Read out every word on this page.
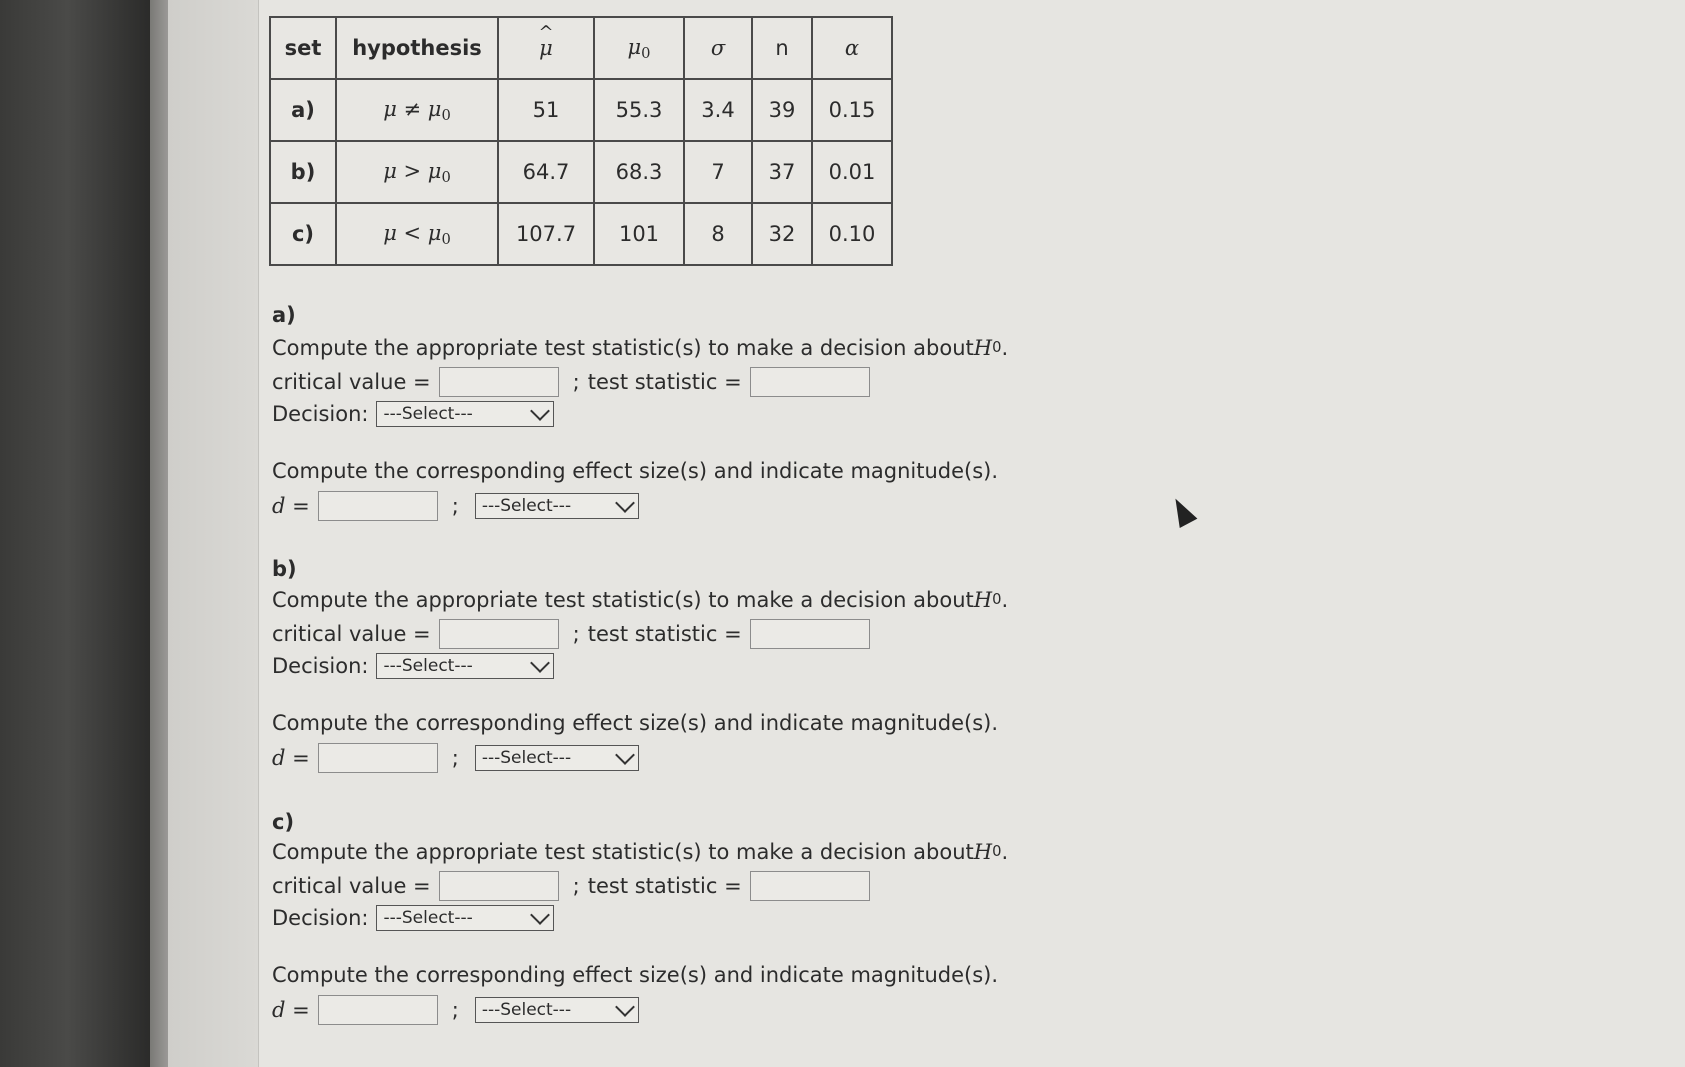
set	hypothesis	^ μ	$\mu_0$	σ	n	α
a)	$\mu \ne \mu_0$	51	55.3	3.4	39	0.15
b)	$\mu > \mu_0$	64.7	68.3	7	37	0.01
c)	$\mu < \mu_0$	107.7	101	8	32	0.10
a)
Compute the appropriate test statistic(s) to make a decision about H 0 .
critical value =	; test statistic =
Decision: ---Select---
Compute the corresponding effect size(s) and indicate magnitude(s).
d
=	; ---Select---
b)
Compute the appropriate test statistic(s) to make a decision about H 0 .
critical value =	; test statistic =
Decision: ---Select---
Compute the corresponding effect size(s) and indicate magnitude(s).
d
=	; ---Select---
c)
Compute the appropriate test statistic(s) to make a decision about H 0 .
critical value =	; test statistic =
Decision: ---Select---
Compute the corresponding effect size(s) and indicate magnitude(s).
d
=	; ---Select---
